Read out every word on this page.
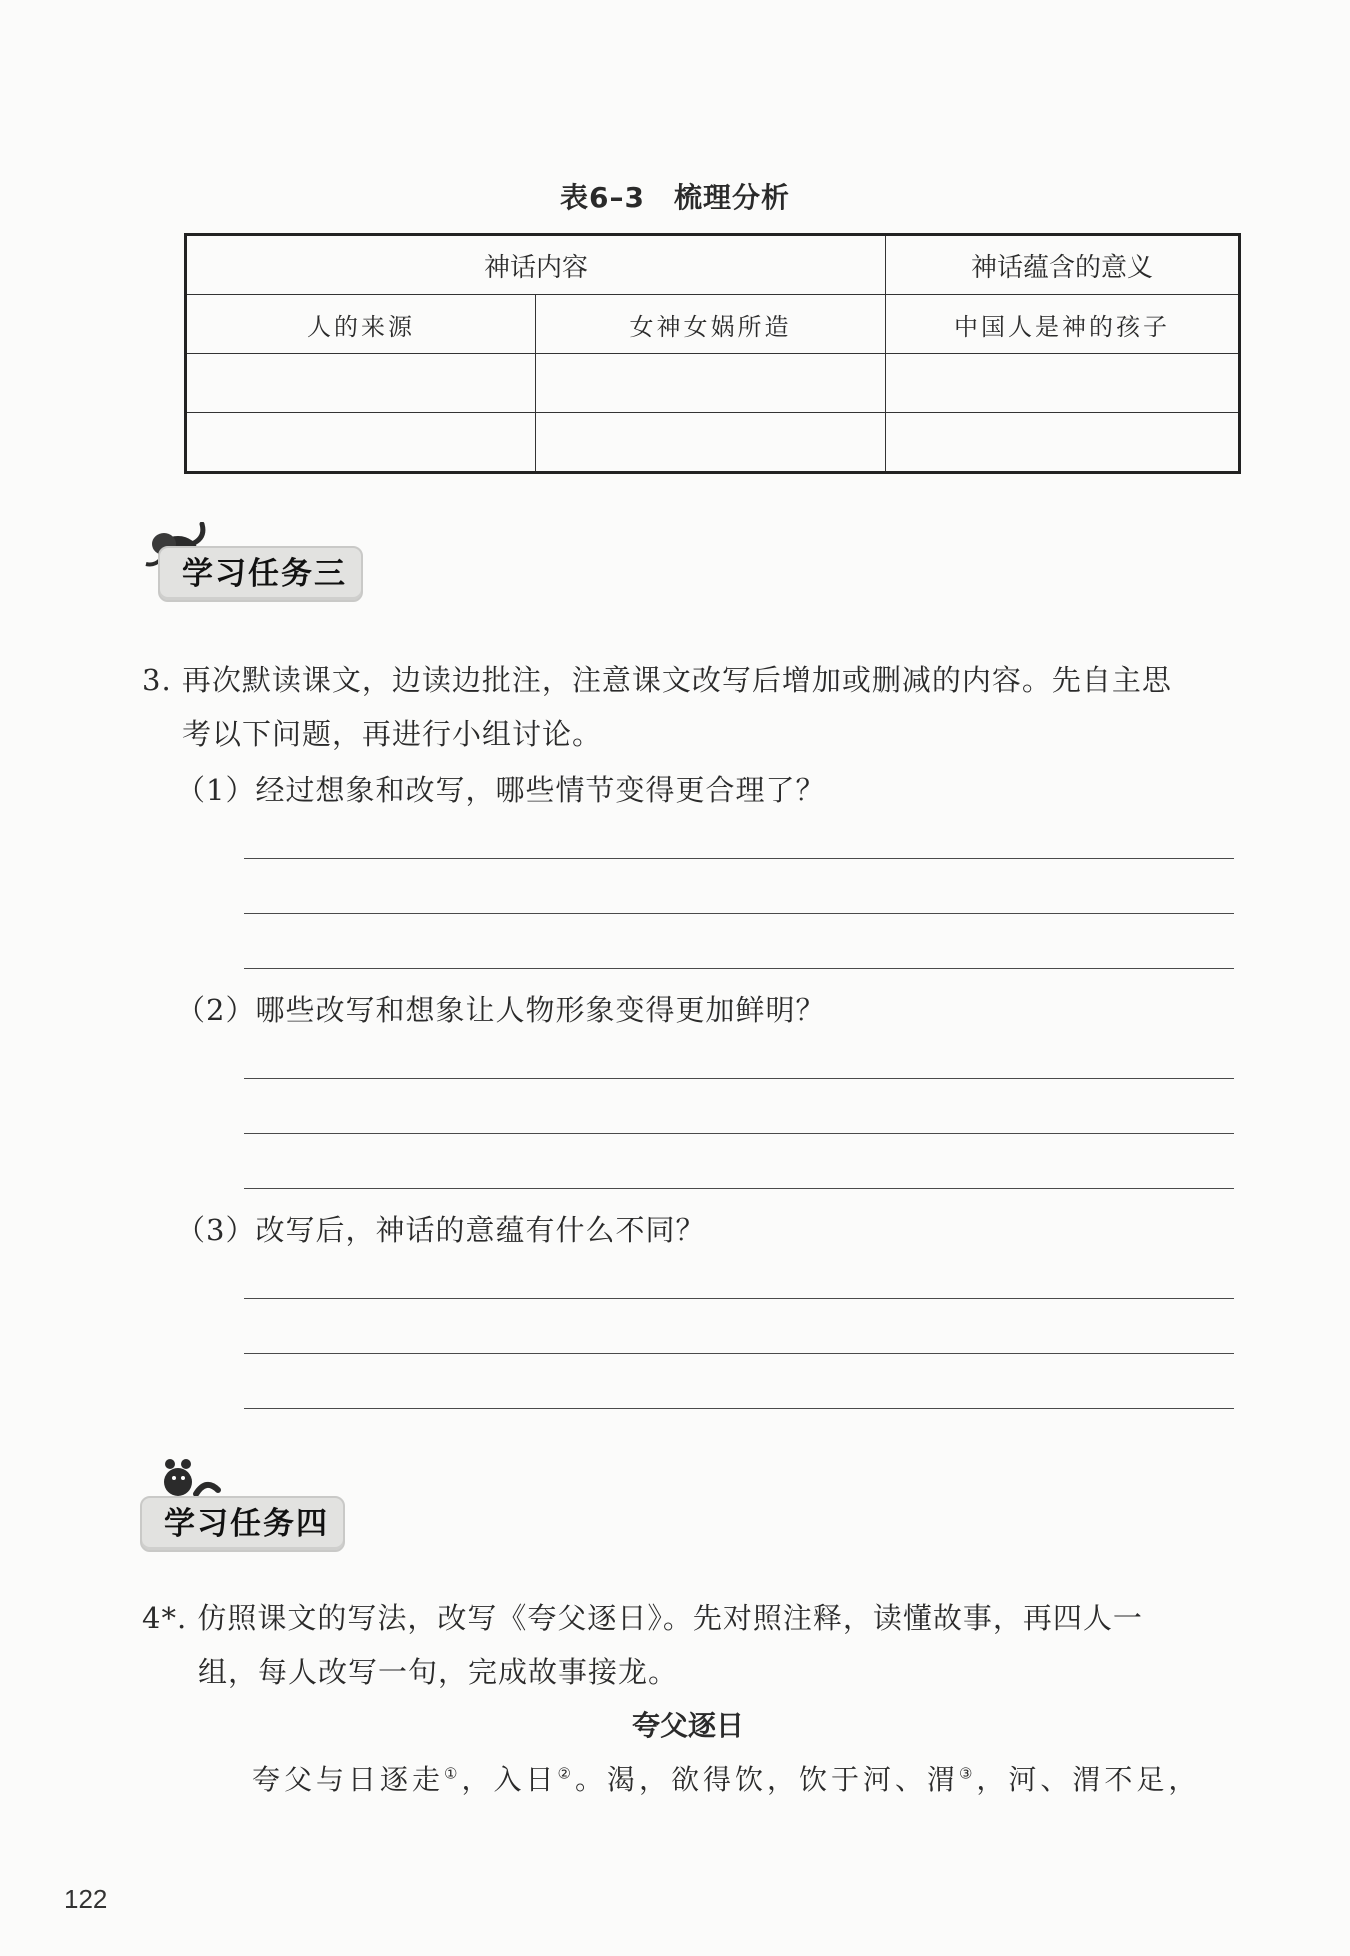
表6–3　梳理分析
神话内容		神话蕴含的意义
人的来源	女神女娲所造	中国人是神的孩子

学习任务三
3. 再次默读课文，边读边批注，注意课文改写后增加或删减的内容。先自主思
考以下问题，再进行小组讨论。
（1）经过想象和改写，哪些情节变得更合理了？
（2）哪些改写和想象让人物形象变得更加鲜明？
（3）改写后，神话的意蕴有什么不同？
学习任务四
4*. 仿照课文的写法，改写《夸父逐日》。先对照注释，读懂故事，再四人一
组，每人改写一句，完成故事接龙。
夸父逐日
夸父与日逐走①，入日②。渴，欲得饮，饮于河、渭③，河、渭不足，
122
